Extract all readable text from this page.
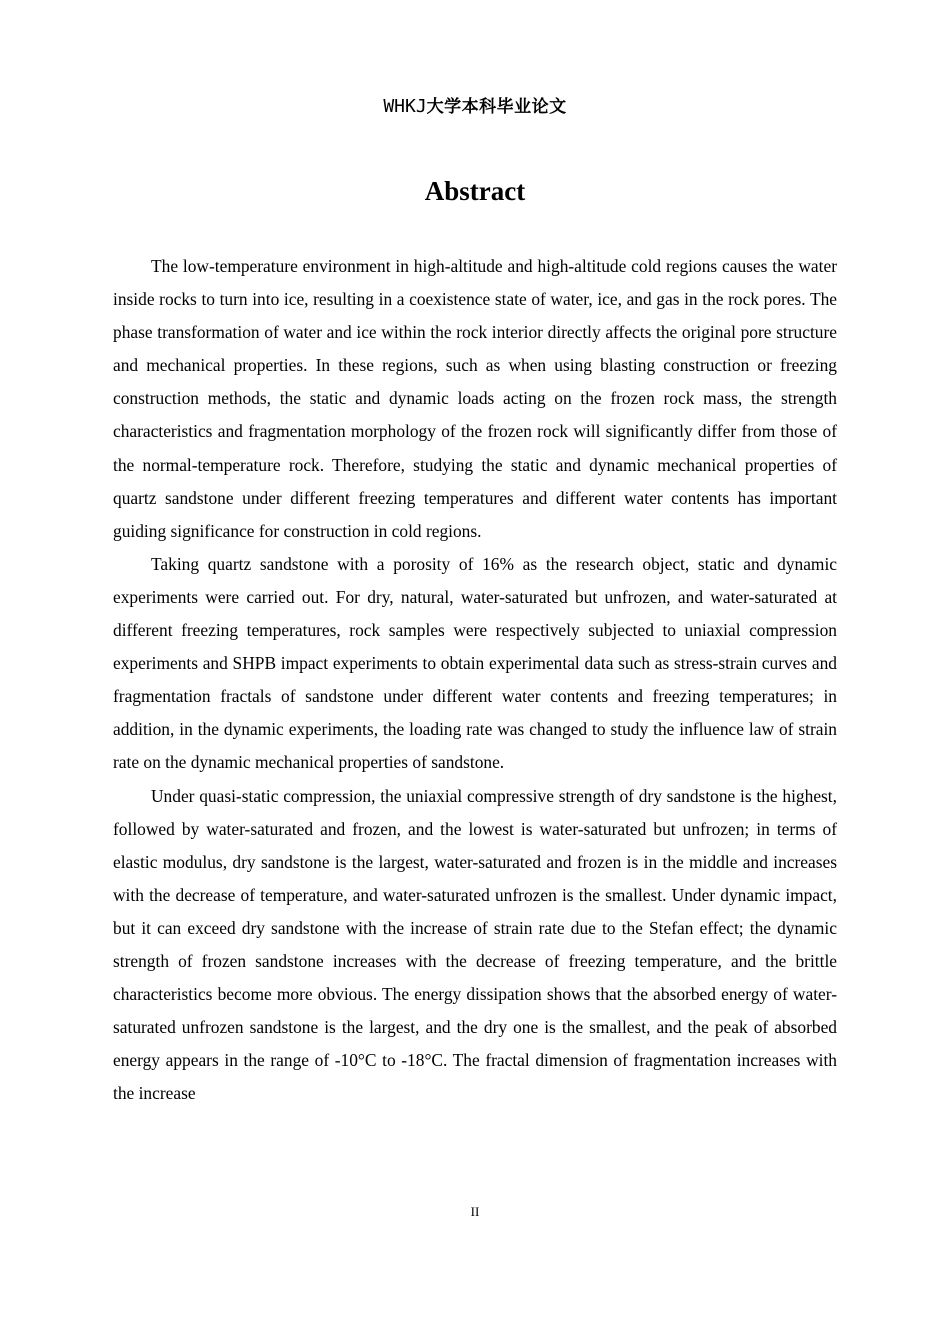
WHKJ大学本科毕业论文
Abstract

The low-temperature environment in high-altitude and high-altitude cold regions causes the water inside rocks to turn into ice, resulting in a coexistence state of water, ice, and gas in the rock pores. The phase transformation of water and ice within the rock interior directly affects the original pore structure and mechanical properties. In these regions, such as when using blasting construction or freezing construction methods, the static and dynamic loads acting on the frozen rock mass, the strength characteristics and fragmentation morphology of the frozen rock will significantly differ from those of the normal-temperature rock. Therefore, studying the static and dynamic mechanical properties of quartz sandstone under different freezing temperatures and different water contents has important guiding significance for construction in cold regions.

Taking quartz sandstone with a porosity of 16% as the research object, static and dynamic experiments were carried out. For dry, natural, water-saturated but unfrozen, and water-saturated at different freezing temperatures, rock samples were respectively subjected to uniaxial compression experiments and SHPB impact experiments to obtain experimental data such as stress-strain curves and fragmentation fractals of sandstone under different water contents and freezing temperatures; in addition, in the dynamic experiments, the loading rate was changed to study the influence law of strain rate on the dynamic mechanical properties of sandstone.

Under quasi-static compression, the uniaxial compressive strength of dry sandstone is the highest, followed by water-saturated and frozen, and the lowest is water-saturated but unfrozen; in terms of elastic modulus, dry sandstone is the largest, water-saturated and frozen is in the middle and increases with the decrease of temperature, and water-saturated unfrozen is the smallest. Under dynamic impact, but it can exceed dry sandstone with the increase of strain rate due to the Stefan effect; the dynamic strength of frozen sandstone increases with the decrease of freezing temperature, and the brittle characteristics become more obvious. The energy dissipation shows that the absorbed energy of water-saturated unfrozen sandstone is the largest, and the dry one is the smallest, and the peak of absorbed energy appears in the range of -10°C to -18°C. The fractal dimension of fragmentation increases with the increase

II
